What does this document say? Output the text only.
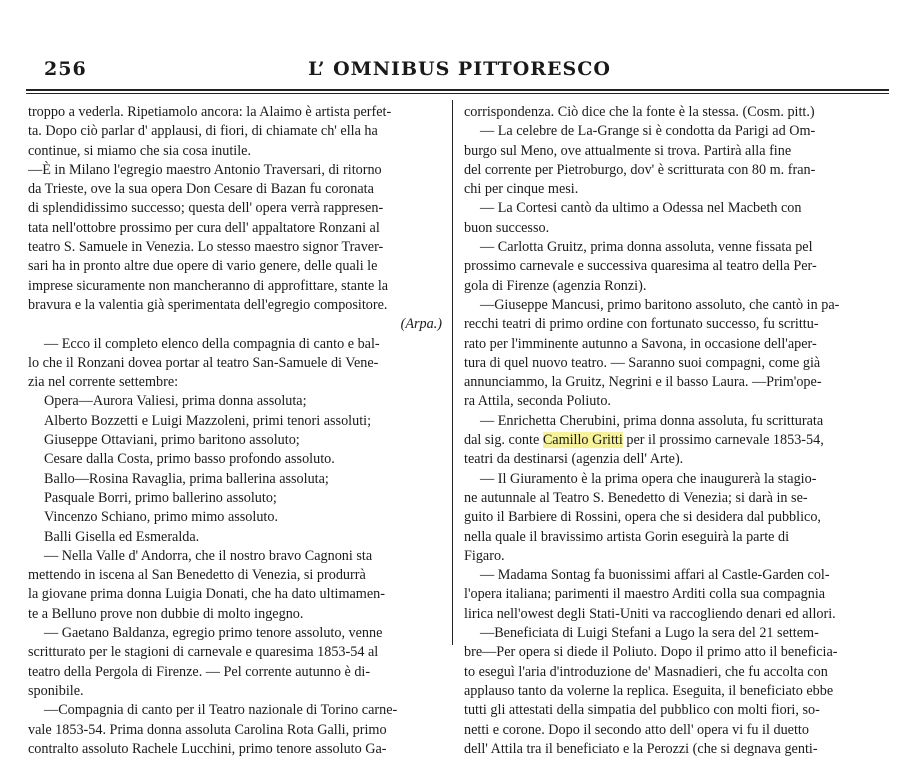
256	L’ OMNIBUS PITTORESCO
troppo a vederla. Ripetiamolo ancora: la Alaimo è artista perfet-
ta. Dopo ciò parlar d' applausi, di fiori, di chiamate ch' ella ha
continue, si miamo che sia cosa inutile.
—È in Milano l'egregio maestro Antonio Traversari, di ritorno
da Trieste, ove la sua opera Don Cesare di Bazan fu coronata
di splendidissimo successo; questa dell' opera verrà rappresen-
tata nell'ottobre prossimo per cura dell' appaltatore Ronzani al
teatro S. Samuele in Venezia. Lo stesso maestro signor Traver-
sari ha in pronto altre due opere di vario genere, delle quali le
imprese sicuramente non mancheranno di approfittare, stante la
bravura e la valentia già sperimentata dell'egregio compositore.
(Arpa.)
— Ecco il completo elenco della compagnia di canto e bal-
lo che il Ronzani dovea portar al teatro San-Samuele di Vene-
zia nel corrente settembre:
Opera—Aurora Valiesi, prima donna assoluta;
Alberto Bozzetti e Luigi Mazzoleni, primi tenori assoluti;
Giuseppe Ottaviani, primo baritono assoluto;
Cesare dalla Costa, primo basso profondo assoluto.
Ballo—Rosina Ravaglia, prima ballerina assoluta;
Pasquale Borri, primo ballerino assoluto;
Vincenzo Schiano, primo mimo assoluto.
Balli Gisella ed Esmeralda.
— Nella Valle d' Andorra, che il nostro bravo Cagnoni sta
mettendo in iscena al San Benedetto di Venezia, si produrrà
la giovane prima donna Luigia Donati, che ha dato ultimamen-
te a Belluno prove non dubbie di molto ingegno.
— Gaetano Baldanza, egregio primo tenore assoluto, venne
scritturato per le stagioni di carnevale e quaresima 1853-54 al
teatro della Pergola di Firenze. — Pel corrente autunno è di-
sponibile.
—Compagnia di canto per il Teatro nazionale di Torino carne-
vale 1853-54. Prima donna assoluta Carolina Rota Galli, primo
contralto assoluto Rachele Lucchini, primo tenore assoluto Ga-
corrispondenza. Ciò dice che la fonte è la stessa. (Cosm. pitt.)
— La celebre de La-Grange si è condotta da Parigi ad Om-
burgo sul Meno, ove attualmente si trova. Partirà alla fine
del corrente per Pietroburgo, dov' è scritturata con 80 m. fran-
chi per cinque mesi.
— La Cortesi cantò da ultimo a Odessa nel Macbeth con
buon successo.
— Carlotta Gruitz, prima donna assoluta, venne fissata pel
prossimo carnevale e successiva quaresima al teatro della Per-
gola di Firenze (agenzia Ronzi).
—Giuseppe Mancusi, primo baritono assoluto, che cantò in pa-
recchi teatri di primo ordine con fortunato successo, fu scrittu-
rato per l'imminente autunno a Savona, in occasione dell'aper-
tura di quel nuovo teatro. — Saranno suoi compagni, come già
annunciammo, la Gruitz, Negrini e il basso Laura. —Prim'ope-
ra Attila, seconda Poliuto.
— Enrichetta Cherubini, prima donna assoluta, fu scritturata
dal sig. conte Camillo Gritti per il prossimo carnevale 1853-54,
teatri da destinarsi (agenzia dell' Arte).
— Il Giuramento è la prima opera che inaugurerà la stagio-
ne autunnale al Teatro S. Benedetto di Venezia; si darà in se-
guito il Barbiere di Rossini, opera che si desidera dal pubblico,
nella quale il bravissimo artista Gorin eseguirà la parte di
Figaro.
— Madama Sontag fa buonissimi affari al Castle-Garden col-
l'opera italiana; parimenti il maestro Arditi colla sua compagnia
lirica nell'owest degli Stati-Uniti va raccogliendo denari ed allori.
—Beneficiata di Luigi Stefani a Lugo la sera del 21 settem-
bre—Per opera si diede il Poliuto. Dopo il primo atto il beneficia-
to eseguì l'aria d'introduzione de' Masnadieri, che fu accolta con
applauso tanto da volerne la replica. Eseguita, il beneficiato ebbe
tutti gli attestati della simpatia del pubblico con molti fiori, so-
netti e corone. Dopo il secondo atto dell' opera vi fu il duetto
dell' Attila tra il beneficiato e la Perozzi (che si degnava genti-
